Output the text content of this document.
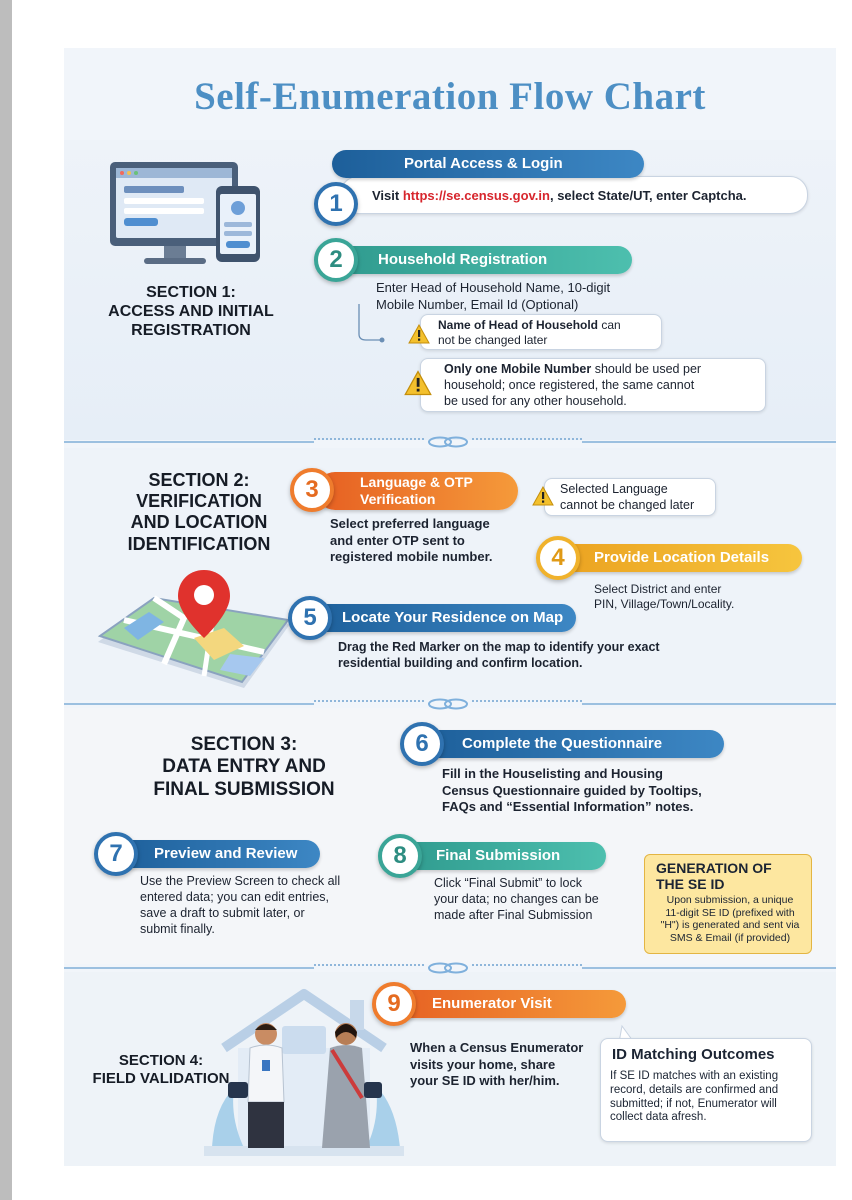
Self-Enumeration Flow Chart
SECTION 1:
ACCESS AND INITIAL
REGISTRATION
Portal Access & Login
1	Visit https://se.census.gov.in, select State/UT, enter Captcha.
Household Registration
2
Enter Head of Household Name, 10-digit
Mobile Number, Email Id (Optional)
Name of Head of Household can
not be changed later
Only one Mobile Number should be used per
household; once registered, the same cannot
be used for any other household.
SECTION 2:
VERIFICATION
AND LOCATION
IDENTIFICATION
Language & OTP
Verification
3
Select preferred language
and enter OTP sent to
registered mobile number.
Selected Language
cannot be changed later
Provide Location Details
4
Select District and enter
PIN, Village/Town/Locality.
Locate Your Residence on Map
5
Drag the Red Marker on the map to identify your exact
residential building and confirm location.
SECTION 3:
DATA ENTRY AND
FINAL SUBMISSION
Complete the Questionnaire
6
Fill in the Houselisting and Housing
Census Questionnaire guided by Tooltips,
FAQs and “Essential Information” notes.
Preview and Review
7
Use the Preview Screen to check all
entered data; you can edit entries,
save a draft to submit later, or
submit finally.
Final Submission
8
Click “Final Submit” to lock
your data; no changes can be
made after Final Submission
GENERATION OF
THE SE ID
Upon submission, a unique
11-digit SE ID (prefixed with
"H") is generated and sent via
SMS & Email (if provided)
SECTION 4:
FIELD VALIDATION
Enumerator Visit
9
When a Census Enumerator
visits your home, share
your SE ID with her/him.
ID Matching Outcomes
If SE ID matches with an existing
record, details are confirmed and
submitted; if not, Enumerator will
collect data afresh.
